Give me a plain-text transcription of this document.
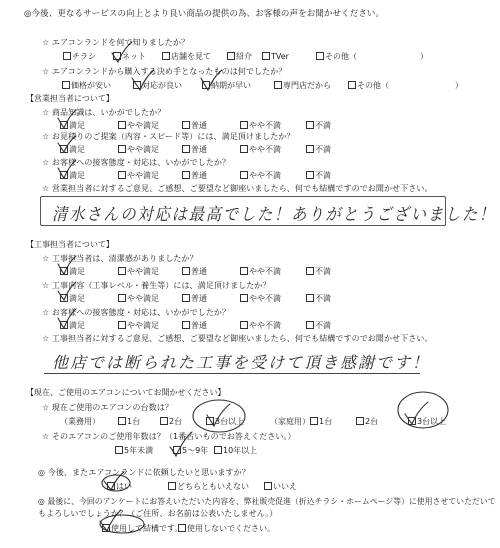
◎今後、更なるサービスの向上とより良い商品の提供の為、お客様の声をお聞かせください。
☆ エアコンランドを何で知りましたか？
チラシ	ネット	店舗を見て	紹介	TVer	その他（	）
☆ エアコンランドから購入する決め手となったものは何でしたか？
価格が安い	対応が良い	納期が早い	専門店だから	その他（	）
【営業担当者について】
☆ 商品知識は、いかがでしたか？
満足	やや満足	普通	やや不満	不満
☆ お見積りのご提案（内容・スピード等）には、満足頂けましたか？
満足	やや満足	普通	やや不満	不満
☆ お客様への接客態度・対応は、いかがでしたか？
満足	やや満足	普通	やや不満	不満
☆ 営業担当者に対するご意見、ご感想、ご要望など御座いましたら、何でも結構ですのでお聞かせ下さい。
清水さんの対応は最高でした！ありがとうございました！
【工事担当者について】
☆ 工事担当者は、清潔感がありましたか？
満足	やや満足	普通	やや不満	不満
☆ 工事内容（工事レベル・養生等）には、満足頂けましたか？
満足	やや満足	普通	やや不満	不満
☆ お客様への接客態度・対応は、いかがでしたか？
満足	やや満足	普通	やや不満	不満
☆ 工事担当者に対するご意見、ご感想、ご要望など御座いましたら、何でも結構ですのでお聞かせ下さい。
他店では断られた工事を受けて頂き感謝です！
【現在、ご使用のエアコンについてお聞かせください】
☆ 現在ご使用のエアコンの台数は？
（業務用）	1台	2台	3台以上	（家庭用）	1台	2台	3台以上
☆ そのエアコンのご使用年数は？（1番古いものでお答えください。）
5年未満	5〜9年	10年以上
◎ 今後、またエアコンランドに依頼したいと思いますか？
はい	どちらともいえない	いいえ
◎ 最後に、今回のアンケートにお答えいただいた内容を、弊社販売促進（折込チラシ・ホームページ等）に使用させていただいて
もよろしいでしょうか？（ご住所、お名前は公表いたしません。）
使用して結構です。 使用しないでください。
